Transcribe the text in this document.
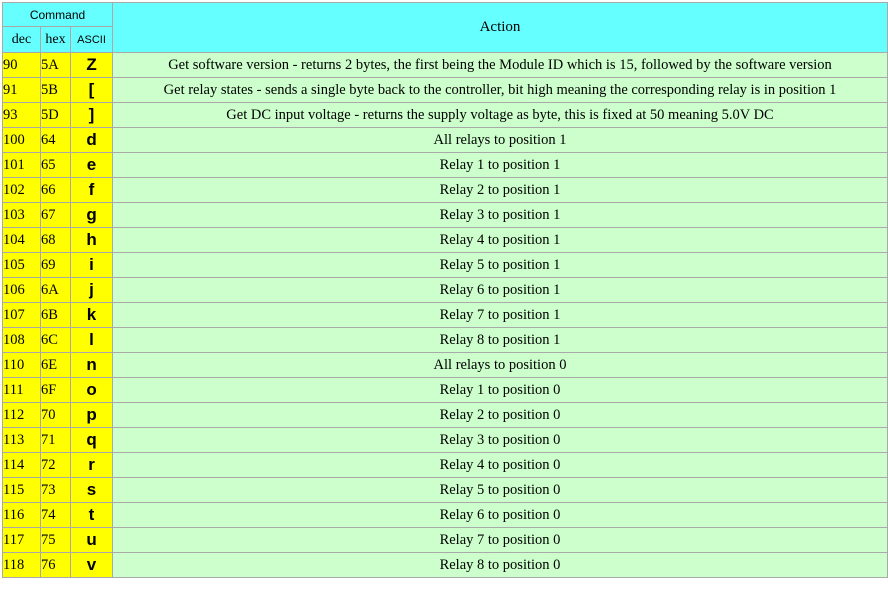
Command			Action
dec	hex	ASCII	
90	5A	Z	Get software version - returns 2 bytes, the first being the Module ID which is 15, followed by the software version
91	5B	[	Get relay states - sends a single byte back to the controller, bit high meaning the corresponding relay is in position 1
93	5D	]	Get DC input voltage - returns the supply voltage as byte, this is fixed at 50 meaning 5.0V DC
100	64	d	All relays to position 1
101	65	e	Relay 1 to position 1
102	66	f	Relay 2 to position 1
103	67	g	Relay 3 to position 1
104	68	h	Relay 4 to position 1
105	69	i	Relay 5 to position 1
106	6A	j	Relay 6 to position 1
107	6B	k	Relay 7 to position 1
108	6C	l	Relay 8 to position 1
110	6E	n	All relays to position 0
111	6F	o	Relay 1 to position 0
112	70	p	Relay 2 to position 0
113	71	q	Relay 3 to position 0
114	72	r	Relay 4 to position 0
115	73	s	Relay 5 to position 0
116	74	t	Relay 6 to position 0
117	75	u	Relay 7 to position 0
118	76	v	Relay 8 to position 0
